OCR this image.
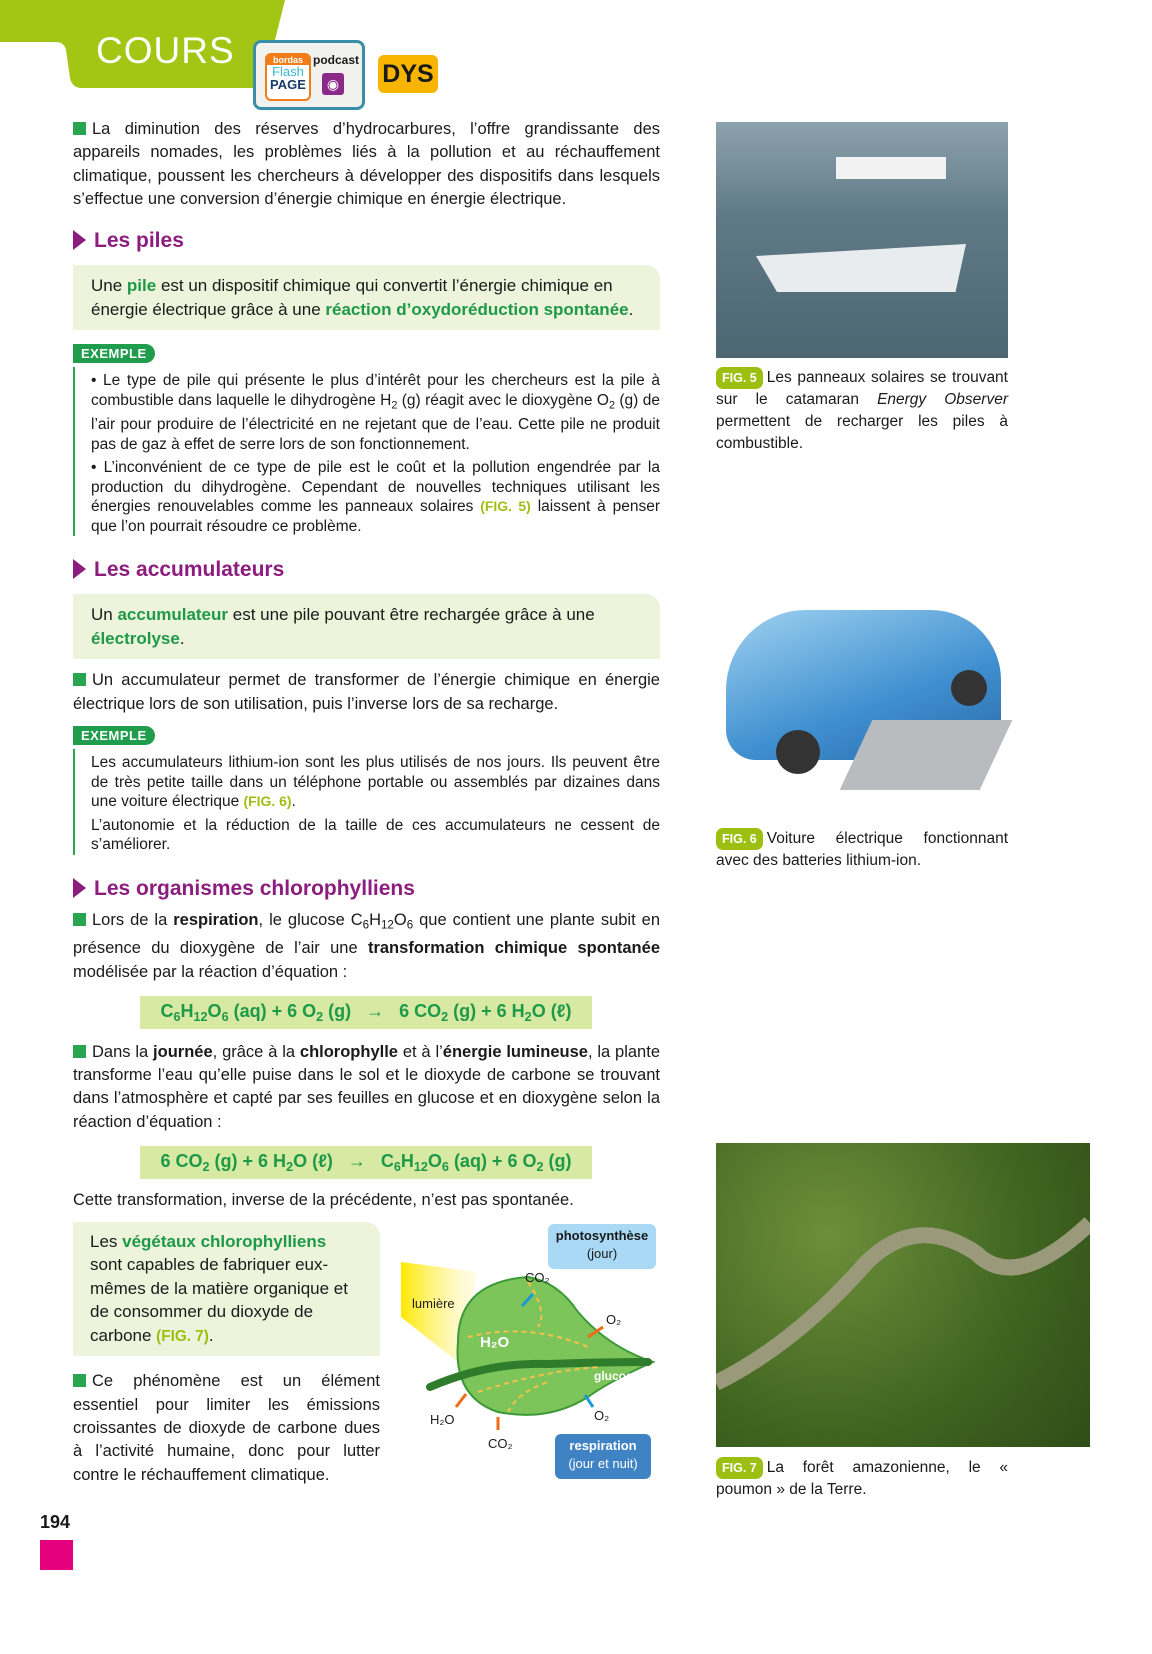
COURS	bordas
Flash
PAGE
podcast
◉ DYS
La diminution des réserves d’hydrocarbures, l’offre grandissante des appareils nomades, les problèmes liés à la pollution et au réchauffement climatique, poussent les chercheurs à développer des dispositifs dans lesquels s’effectue une conversion d’énergie chimique en énergie électrique.
Les piles
Une pile est un dispositif chimique qui convertit l’énergie chimique en énergie électrique grâce à une réaction d’oxydoréduction spontanée.
EXEMPLE
• Le type de pile qui présente le plus d’intérêt pour les chercheurs est la pile à combustible dans laquelle le dihydrogène $H_2$ (g) réagit avec le dioxygène $O_2$ (g) de l’air pour produire de l’électricité en ne rejetant que de l’eau. Cette pile ne produit pas de gaz à effet de serre lors de son fonctionnement.
• L’inconvénient de ce type de pile est le coût et la pollution engendrée par la production du dihydrogène. Cependant de nouvelles techniques utilisant les énergies renouvelables comme les panneaux solaires (FIG. 5) laissent à penser que l’on pourrait résoudre ce problème.
Les accumulateurs
Un accumulateur est une pile pouvant être rechargée grâce à une électrolyse.
Un accumulateur permet de transformer de l’énergie chimique en énergie électrique lors de son utilisation, puis l’inverse lors de sa recharge.
EXEMPLE
Les accumulateurs lithium-ion sont les plus utilisés de nos jours. Ils peuvent être de très petite taille dans un téléphone portable ou assemblés par dizaines dans une voiture électrique (FIG. 6).
L’autonomie et la réduction de la taille de ces accumulateurs ne cessent de s’améliorer.
Les organismes chlorophylliens
Lors de la respiration, le glucose $C_6H_{12}O_6$ que contient une plante subit en présence du dioxygène de l’air une transformation chimique spontanée modélisée par la réaction d’équation :
$C_6H_{12}O_6$ (aq) + 6 $O_2$ (g)   →   6 $CO_2$ (g) + 6 $H_2O$ (ℓ)
Dans la journée, grâce à la chlorophylle et à l’énergie lumineuse, la plante transforme l’eau qu’elle puise dans le sol et le dioxyde de carbone se trouvant dans l’atmosphère et capté par ses feuilles en glucose et en dioxygène selon la réaction d’équation :
6 $CO_2$ (g) + 6 $H_2O$ (ℓ)   →   $C_6H_{12}O_6$ (aq) + 6 $O_2$ (g)
Cette transformation, inverse de la précédente, n’est pas spontanée.
Les végétaux chlorophylliens sont capables de fabriquer eux-mêmes de la matière organique et de consommer du dioxyde de carbone (FIG. 7).
Ce phénomène est un élément essentiel pour limiter les émissions croissantes de dioxyde de carbone dues à l’activité humaine, donc pour lutter contre le réchauffement climatique.
photosynthèse
(jour)
respiration
(jour et nuit)
lumière
H₂O
glucose
CO₂
O₂
O₂
H₂O
CO₂
FIG. 5 Les panneaux solaires se trouvant sur le catamaran Energy Observer permettent de recharger les piles à combustible.
FIG. 6 Voiture électrique fonctionnant avec des batteries lithium-ion.
FIG. 7 La forêt amazonienne, le « poumon » de la Terre.
194
